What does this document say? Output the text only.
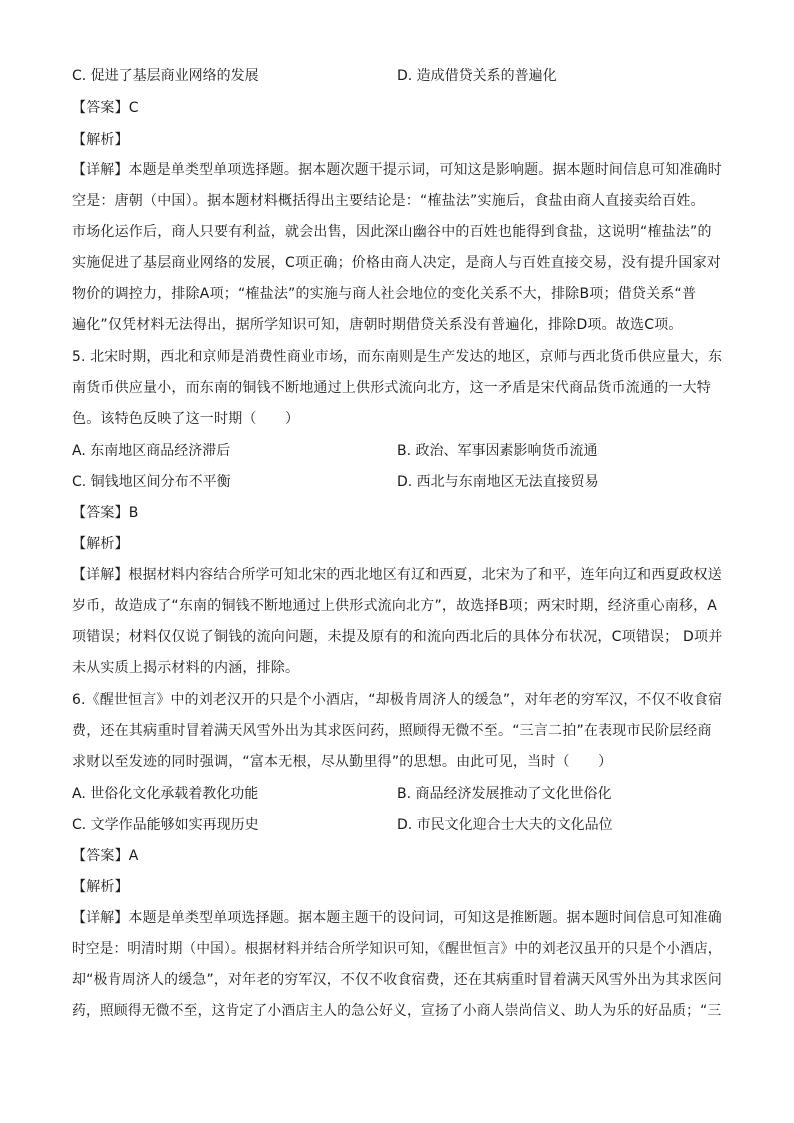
C. 促进了基层商业网络的发展	D. 造成借贷关系的普遍化
【答案】C
【解析】
【详解】本题是单类型单项选择题。据本题次题干提示词，可知这是影响题。据本题时间信息可知准确时
空是：唐朝（中国）。据本题材料概括得出主要结论是：“榷盐法”实施后，食盐由商人直接卖给百姓。
市场化运作后，商人只要有利益，就会出售，因此深山幽谷中的百姓也能得到食盐，这说明“榷盐法”的
实施促进了基层商业网络的发展，C项正确；价格由商人决定，是商人与百姓直接交易，没有提升国家对
物价的调控力，排除A项；“榷盐法”的实施与商人社会地位的变化关系不大，排除B项；借贷关系“普
遍化”仅凭材料无法得出，据所学知识可知，唐朝时期借贷关系没有普遍化，排除D项。故选C项。
5. 北宋时期，西北和京师是消费性商业市场，而东南则是生产发达的地区，京师与西北货币供应量大，东
南货币供应量小，而东南的铜钱不断地通过上供形式流向北方，这一矛盾是宋代商品货币流通的一大特
色。该特色反映了这一时期（　　）
A. 东南地区商品经济滞后	B. 政治、军事因素影响货币流通
C. 铜钱地区间分布不平衡	D. 西北与东南地区无法直接贸易
【答案】B
【解析】
【详解】根据材料内容结合所学可知北宋的西北地区有辽和西夏，北宋为了和平，连年向辽和西夏政权送
岁币，故造成了“东南的铜钱不断地通过上供形式流向北方”，故选择B项；两宋时期，经济重心南移，A
项错误；材料仅仅说了铜钱的流向问题，未提及原有的和流向西北后的具体分布状况，C项错误； D项并
未从实质上揭示材料的内涵，排除。
6.《醒世恒言》中的刘老汉开的只是个小酒店，“却极肯周济人的缓急”，对年老的穷军汉，不仅不收食宿
费，还在其病重时冒着满天风雪外出为其求医问药，照顾得无微不至。“三言二拍”在表现市民阶层经商
求财以至发迹的同时强调，“富本无根，尽从勤里得”的思想。由此可见，当时（　　）
A. 世俗化文化承载着教化功能	B. 商品经济发展推动了文化世俗化
C. 文学作品能够如实再现历史	D. 市民文化迎合士大夫的文化品位
【答案】A
【解析】
【详解】本题是单类型单项选择题。据本题主题干的设问词，可知这是推断题。据本题时间信息可知准确
时空是：明清时期（中国）。根据材料并结合所学知识可知，《醒世恒言》中的刘老汉虽开的只是个小酒店，
却“极肯周济人的缓急”，对年老的穷军汉，不仅不收食宿费，还在其病重时冒着满天风雪外出为其求医问
药，照顾得无微不至，这肯定了小酒店主人的急公好义，宣扬了小商人崇尚信义、助人为乐的好品质；“三
